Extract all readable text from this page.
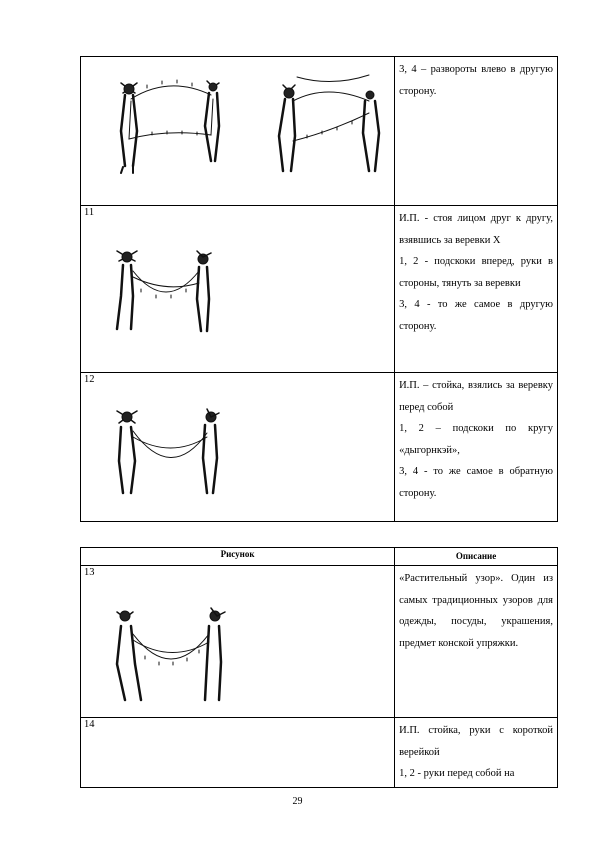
3, 4 – развороты влево в другую сторону.

11	И.П. - стоя лицом друг к другу, взявшись за веревки Х

1, 2 - подскоки вперед, руки в стороны, тянуть за веревки

3, 4 - то же самое в другую сторону.

12	И.П. – стойка, взялись за веревку перед собой

1, 2 – подскоки по кругу «дыгорнкэй»,

3, 4 - то же самое в обратную сторону.

Рисунок	Описание

13	«Растительный узор». Один из самых традиционных узоров для одежды, посуды, украшения, предмет конской упряжки.

14	И.П. стойка, руки с короткой верейкой

1, 2 - руки перед собой на

29
